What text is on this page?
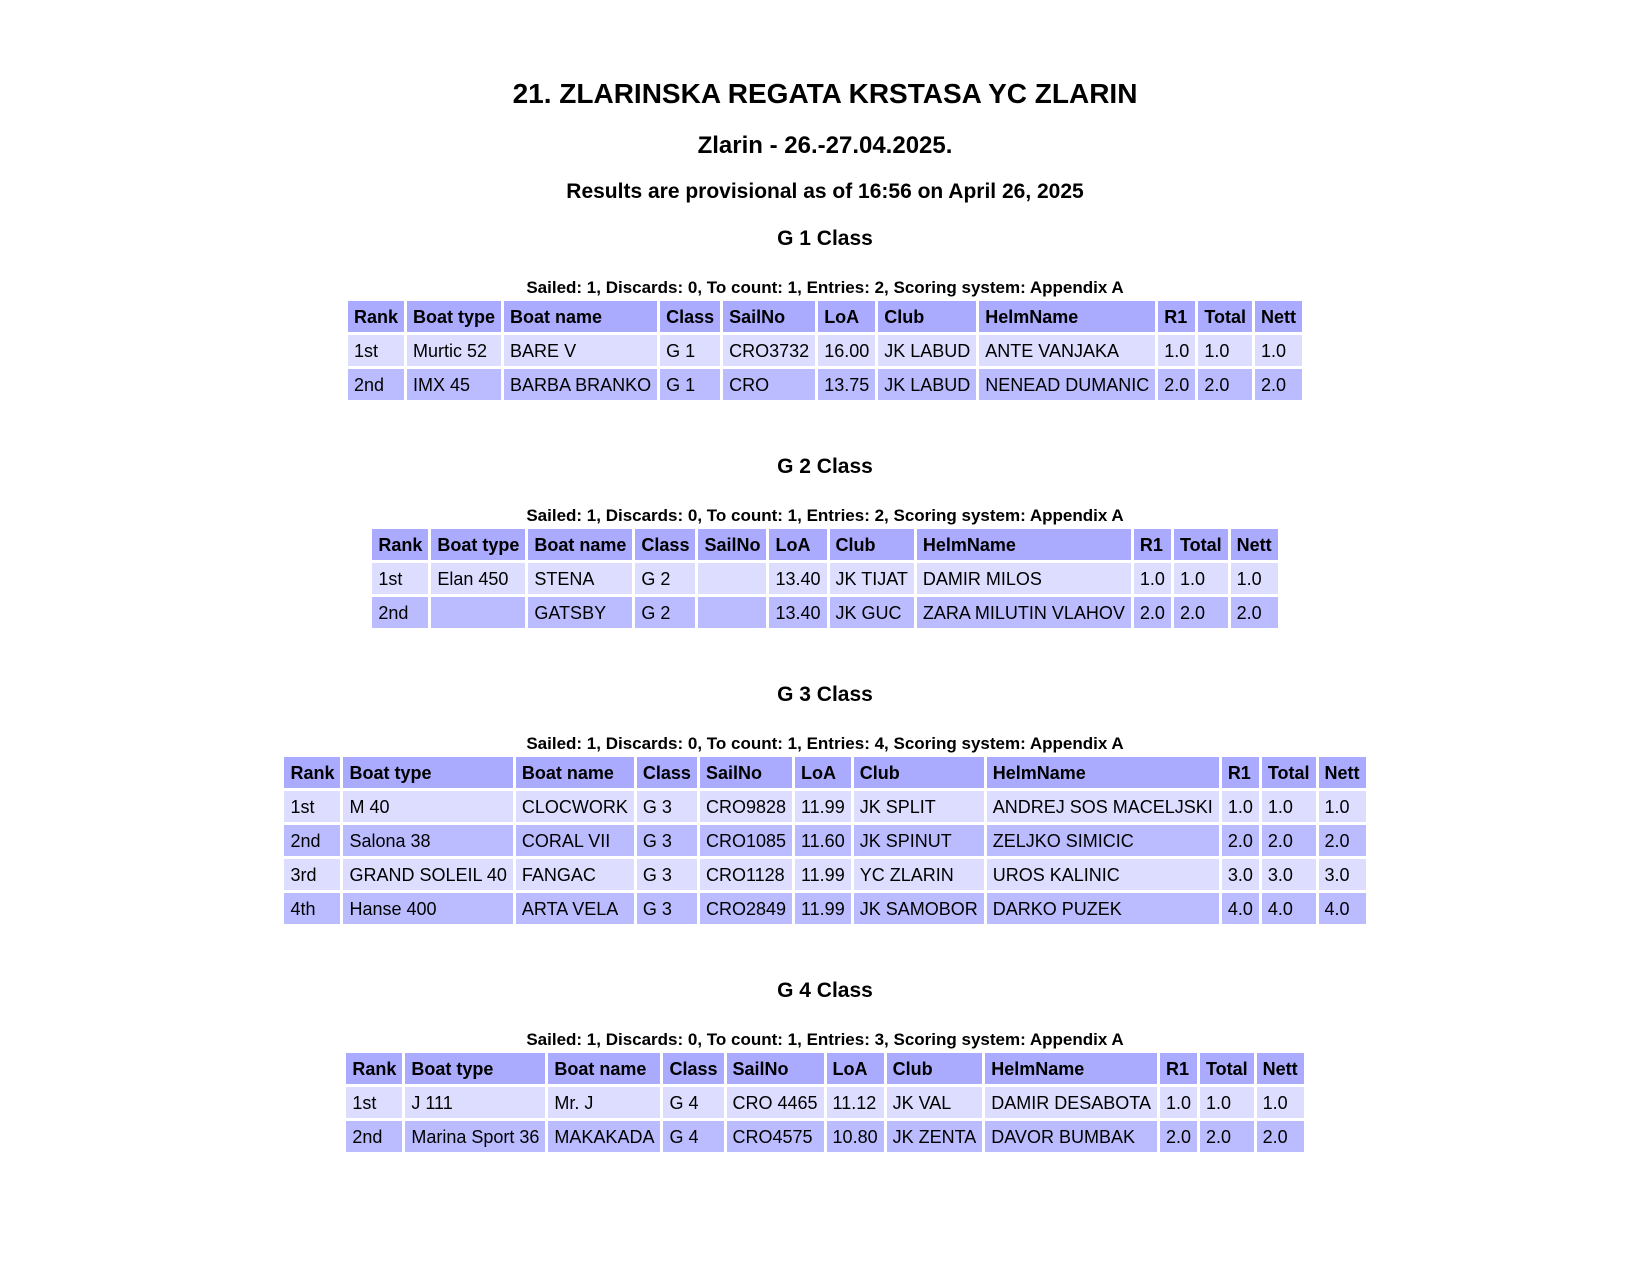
21. ZLARINSKA REGATA KRSTASA YC ZLARIN
Zlarin - 26.-27.04.2025.
Results are provisional as of 16:56 on April 26, 2025
G 1 Class
Sailed: 1, Discards: 0, To count: 1, Entries: 2, Scoring system: Appendix A
Rank	Boat type	Boat name	Class	SailNo	LoA	Club	HelmName	R1	Total	Nett
1st	Murtic 52	BARE V	G 1	CRO3732	16.00	JK LABUD	ANTE VANJAKA	1.0	1.0	1.0
2nd	IMX 45	BARBA BRANKO	G 1	CRO	13.75	JK LABUD	NENEAD DUMANIC	2.0	2.0	2.0
G 2 Class
Sailed: 1, Discards: 0, To count: 1, Entries: 2, Scoring system: Appendix A
Rank	Boat type	Boat name	Class	SailNo	LoA	Club	HelmName	R1	Total	Nett
1st	Elan 450	STENA	G 2		13.40	JK TIJAT	DAMIR MILOS	1.0	1.0	1.0
2nd		GATSBY	G 2		13.40	JK GUC	ZARA MILUTIN VLAHOV	2.0	2.0	2.0
G 3 Class
Sailed: 1, Discards: 0, To count: 1, Entries: 4, Scoring system: Appendix A
Rank	Boat type	Boat name	Class	SailNo	LoA	Club	HelmName	R1	Total	Nett
1st	M 40	CLOCWORK	G 3	CRO9828	11.99	JK SPLIT	ANDREJ SOS MACELJSKI	1.0	1.0	1.0
2nd	Salona 38	CORAL VII	G 3	CRO1085	11.60	JK SPINUT	ZELJKO SIMICIC	2.0	2.0	2.0
3rd	GRAND SOLEIL 40	FANGAC	G 3	CRO1128	11.99	YC ZLARIN	UROS KALINIC	3.0	3.0	3.0
4th	Hanse 400	ARTA VELA	G 3	CRO2849	11.99	JK SAMOBOR	DARKO PUZEK	4.0	4.0	4.0
G 4 Class
Sailed: 1, Discards: 0, To count: 1, Entries: 3, Scoring system: Appendix A
Rank	Boat type	Boat name	Class	SailNo	LoA	Club	HelmName	R1	Total	Nett
1st	J 111	Mr. J	G 4	CRO 4465	11.12	JK VAL	DAMIR DESABOTA	1.0	1.0	1.0
2nd	Marina Sport 36	MAKAKADA	G 4	CRO4575	10.80	JK ZENTA	DAVOR BUMBAK	2.0	2.0	2.0
